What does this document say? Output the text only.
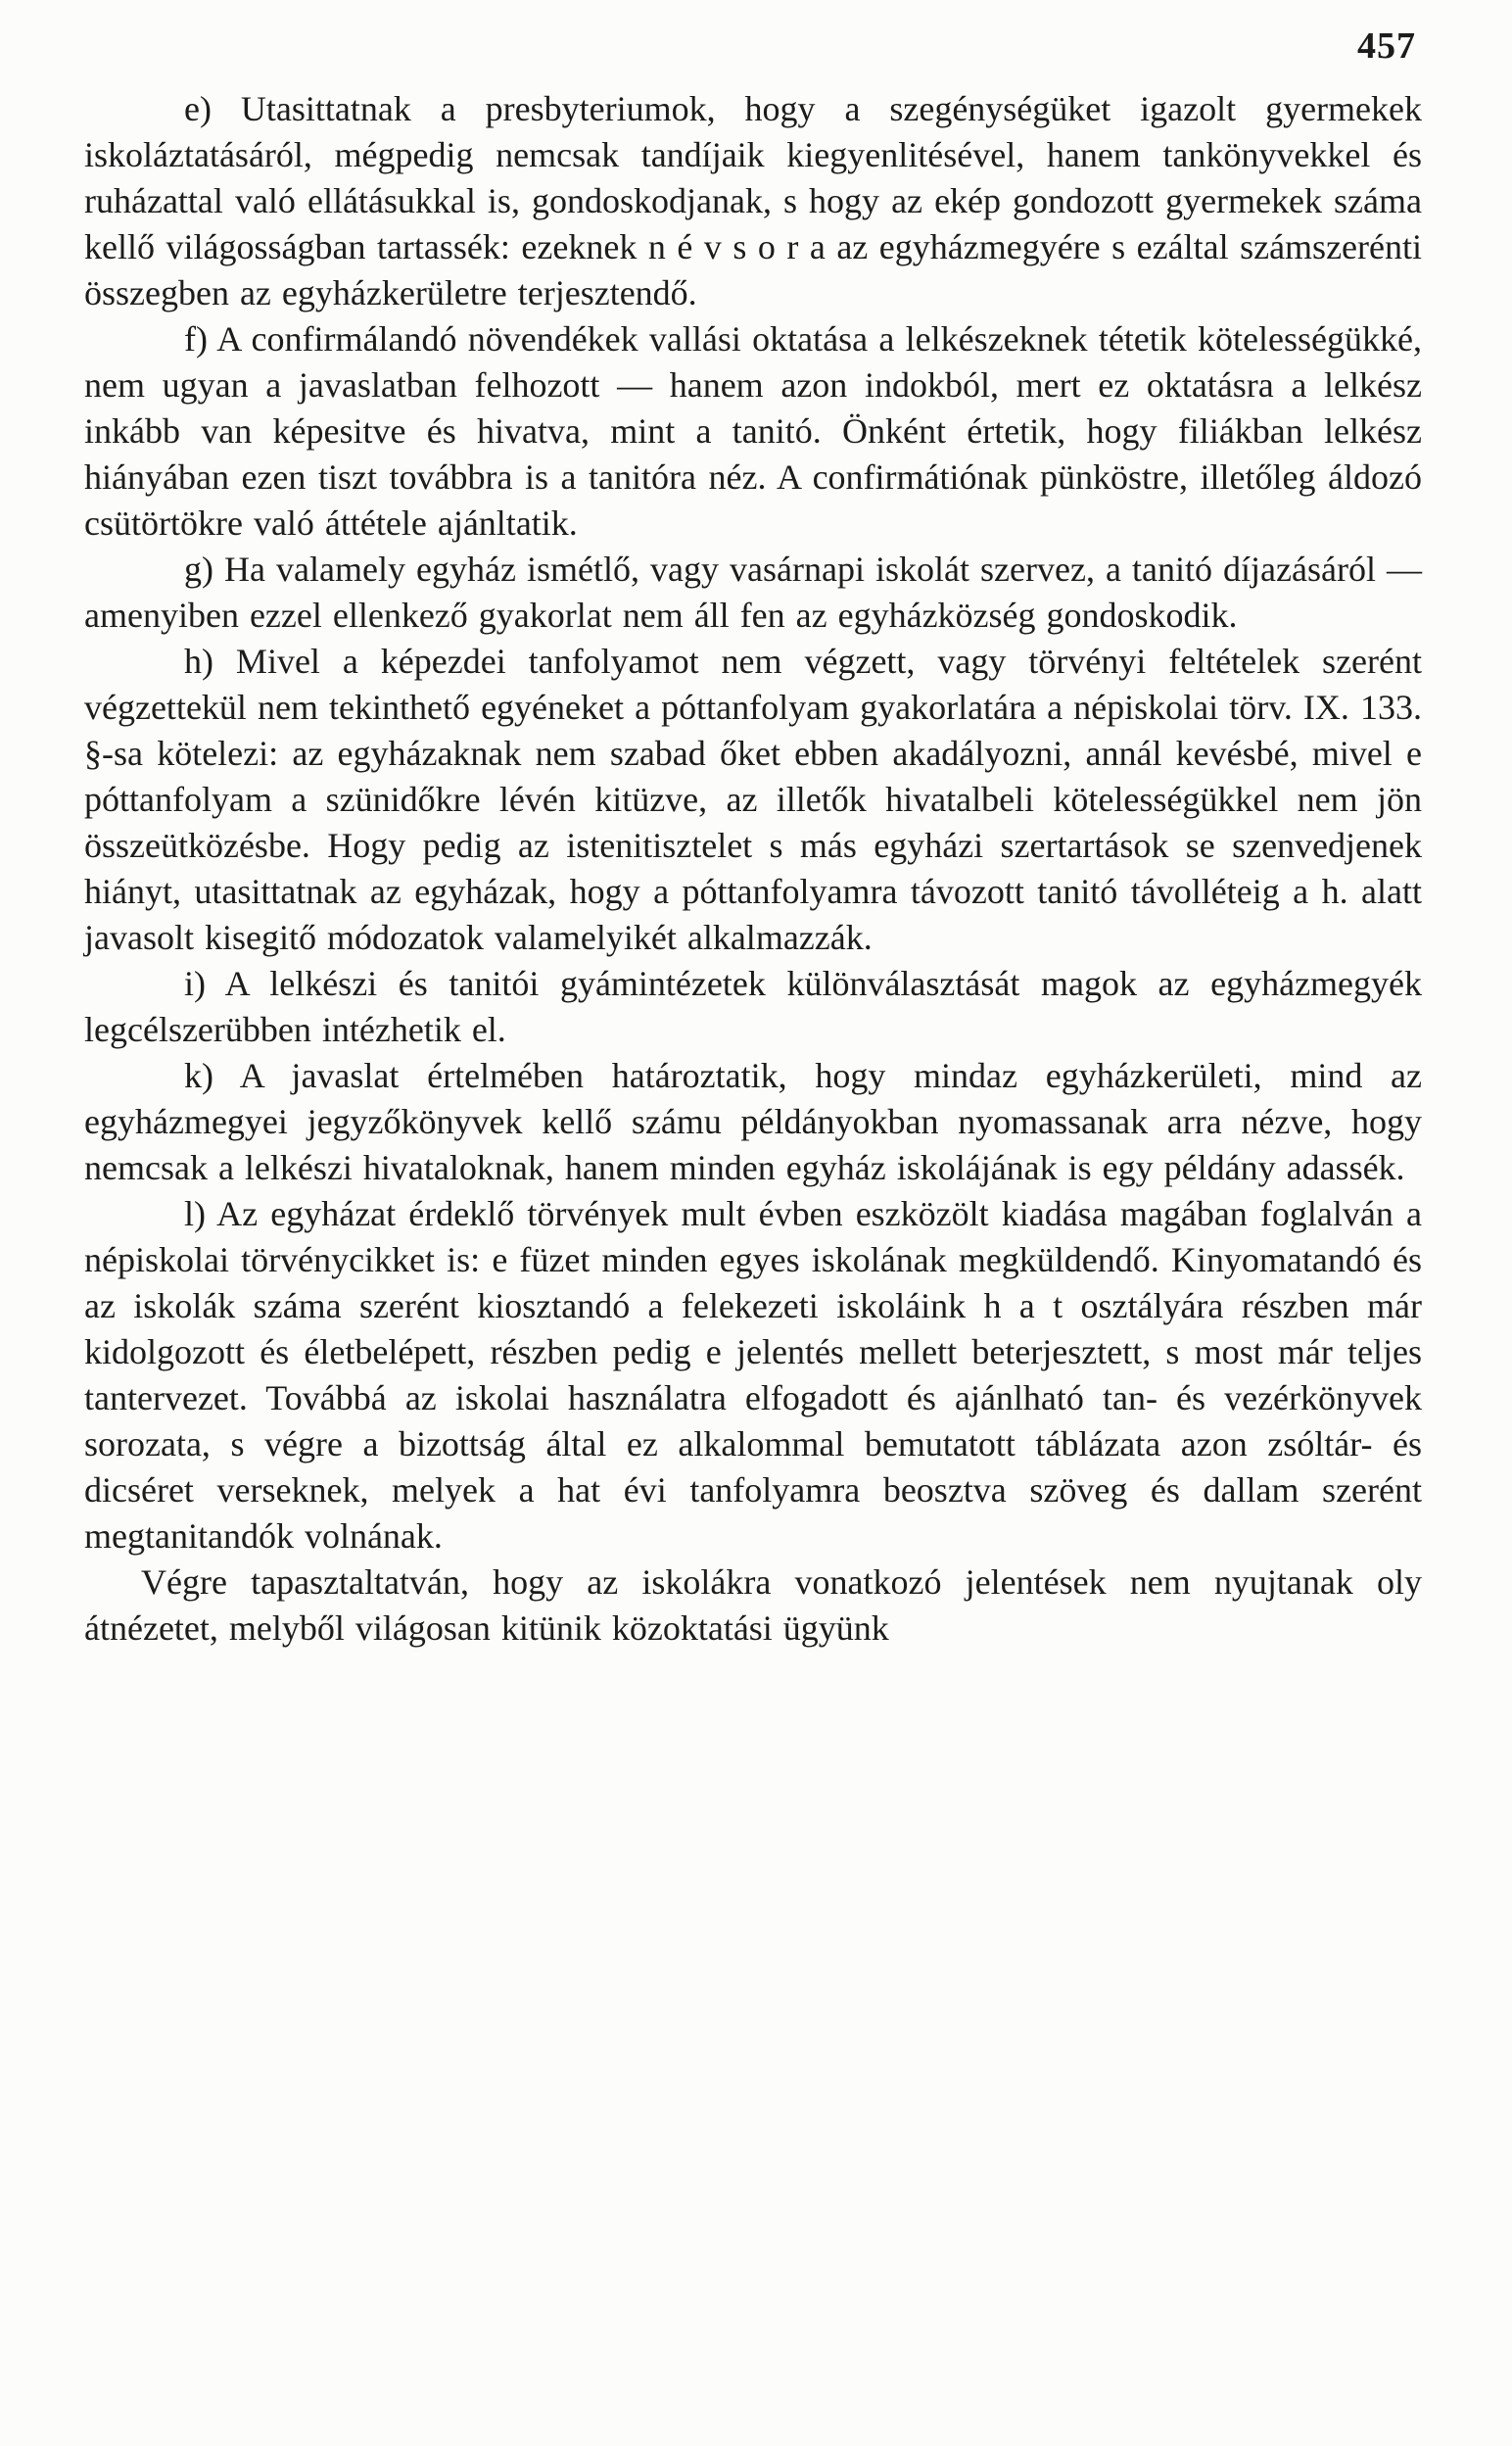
457

e) Utasittatnak a presbyteriumok, hogy a szegénységüket igazolt gyermekek iskoláztatásáról, mégpedig nemcsak tandíjaik kiegyenlitésével, hanem tankönyvekkel és ruházattal való ellátásukkal is, gondoskodjanak, s hogy az ekép gondozott gyermekek száma kellő világosságban tartassék: ezeknek n é v s o r a az egyházmegyére s ezáltal számszerénti összegben az egyházkerületre terjesztendő.

f) A confirmálandó növendékek vallási oktatása a lelkészeknek tétetik kötelességükké, nem ugyan a javaslatban felhozott — hanem azon indokból, mert ez oktatásra a lelkész inkább van képesitve és hivatva, mint a tanitó. Önként értetik, hogy filiákban lelkész hiányában ezen tiszt továbbra is a tanitóra néz. A confirmátiónak pünköstre, illetőleg áldozó csütörtökre való áttétele ajánltatik.

g) Ha valamely egyház ismétlő, vagy vasárnapi iskolát szervez, a tanitó díjazásáról — amenyiben ezzel ellenkező gyakorlat nem áll fen az egyházközség gondoskodik.

h) Mivel a képezdei tanfolyamot nem végzett, vagy törvényi feltételek szerént végzettekül nem tekinthető egyéneket a póttanfolyam gyakorlatára a népiskolai törv. IX. 133. §-sa kötelezi: az egyházaknak nem szabad őket ebben akadályozni, annál kevésbé, mivel e póttanfolyam a szünidőkre lévén kitüzve, az illetők hivatalbeli kötelességükkel nem jön összeütközésbe. Hogy pedig az istenitisztelet s más egyházi szertartások se szenvedjenek hiányt, utasittatnak az egyházak, hogy a póttanfolyamra távozott tanitó távolléteig a h. alatt javasolt kisegitő módozatok valamelyikét alkalmazzák.

i) A lelkészi és tanitói gyámintézetek különválasztását magok az egyházmegyék legcélszerübben intézhetik el.

k) A javaslat értelmében határoztatik, hogy mindaz egyházkerületi, mind az egyházmegyei jegyzőkönyvek kellő számu példányokban nyomassanak arra nézve, hogy nemcsak a lelkészi hivataloknak, hanem minden egyház iskolájának is egy példány adassék.

l) Az egyházat érdeklő törvények mult évben eszközölt kiadása magában foglalván a népiskolai törvénycikket is: e füzet minden egyes iskolának megküldendő. Kinyomatandó és az iskolák száma szerént kiosztandó a felekezeti iskoláink h a t osztályára részben már kidolgozott és életbelépett, részben pedig e jelentés mellett beterjesztett, s most már teljes tantervezet. Továbbá az iskolai használatra elfogadott és ajánlható tan- és vezérkönyvek sorozata, s végre a bizottság által ez alkalommal bemutatott táblázata azon zsóltár- és dicséret verseknek, melyek a hat évi tanfolyamra beosztva szöveg és dallam szerént megtanitandók volnának.

Végre tapasztaltatván, hogy az iskolákra vonatkozó jelentések nem nyujtanak oly átnézetet, melyből világosan kitünik közoktatási ügyünk
